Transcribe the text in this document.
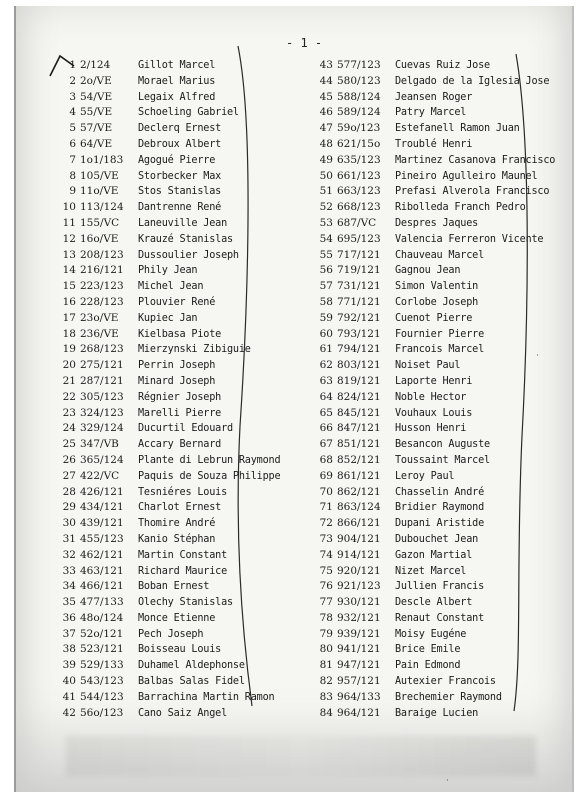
- 1 -
1 2/124	Gillot Marcel
2 2o/VE	Morael Marius
3 54/VE	Legaix Alfred
4 55/VE	Schoeling Gabriel
5 57/VE	Declerq Ernest
6 64/VE	Debroux Albert
7 1o1/183	Agogué Pierre
8 105/VE	Storbecker Max
9 11o/VE	Stos Stanislas
10 113/124	Dantrenne René
11 155/VC	Laneuville Jean
12 16o/VE	Krauzé Stanislas
13 208/123	Dussoulier Joseph
14 216/121	Phily Jean
15 223/123	Michel Jean
16 228/123	Plouvier René
17 23o/VE	Kupiec Jan
18 236/VE	Kielbasa Piote
19 268/123	Mierzynski Zibiguie
20 275/121	Perrin Joseph
21 287/121	Minard Joseph
22 305/123	Régnier Joseph
23 324/123	Marelli Pierre
24 329/124	Ducurtil Edouard
25 347/VB	Accary Bernard
26 365/124	Plante di Lebrun Raymond
27 422/VC	Paquis de Souza Philippe
28 426/121	Tesniéres Louis
29 434/121	Charlot Ernest
30 439/121	Thomire André
31 455/123	Kanio Stéphan
32 462/121	Martin Constant
33 463/121	Richard Maurice
34 466/121	Boban Ernest
35 477/133	Olechy Stanislas
36 48o/124	Monce Etienne
37 52o/121	Pech Joseph
38 523/121	Boisseau Louis
39 529/133	Duhamel Aldephonse
40 543/123	Balbas Salas Fidel
41 544/123	Barrachina Martin Ramon
42 56o/123	Cano Saiz Angel
43 577/123	Cuevas Ruiz Jose
44 580/123	Delgado de la Iglesia Jose
45 588/124	Jeansen Roger
46 589/124	Patry Marcel
47 59o/123	Estefanell Ramon Juan
48 621/15o	Troublé Henri
49 635/123	Martinez Casanova Francisco
50 661/123	Pineiro Agulleiro Maunel
51 663/123	Prefasi Alverola Francisco
52 668/123	Ribolleda Franch Pedro
53 687/VC	Despres Jaques
54 695/123	Valencia Ferreron Vicente
55 717/121	Chauveau Marcel
56 719/121	Gagnou Jean
57 731/121	Simon Valentin
58 771/121	Corlobe Joseph
59 792/121	Cuenot Pierre
60 793/121	Fournier Pierre
61 794/121	Francois Marcel
62 803/121	Noiset Paul
63 819/121	Laporte Henri
64 824/121	Noble Hector
65 845/121	Vouhaux Louis
66 847/121	Husson Henri
67 851/121	Besancon Auguste
68 852/121	Toussaint Marcel
69 861/121	Leroy Paul
70 862/121	Chasselin André
71 863/124	Bridier Raymond
72 866/121	Dupani Aristide
73 904/121	Dubouchet Jean
74 914/121	Gazon Martial
75 920/121	Nizet Marcel
76 921/123	Jullien Francis
77 930/121	Descle Albert
78 932/121	Renaut Constant
79 939/121	Moisy Eugéne
80 941/121	Brice Emile
81 947/121	Pain Edmond
82 957/121	Autexier Francois
83 964/133	Brechemier Raymond
84 964/121	Baraige Lucien
·
·
